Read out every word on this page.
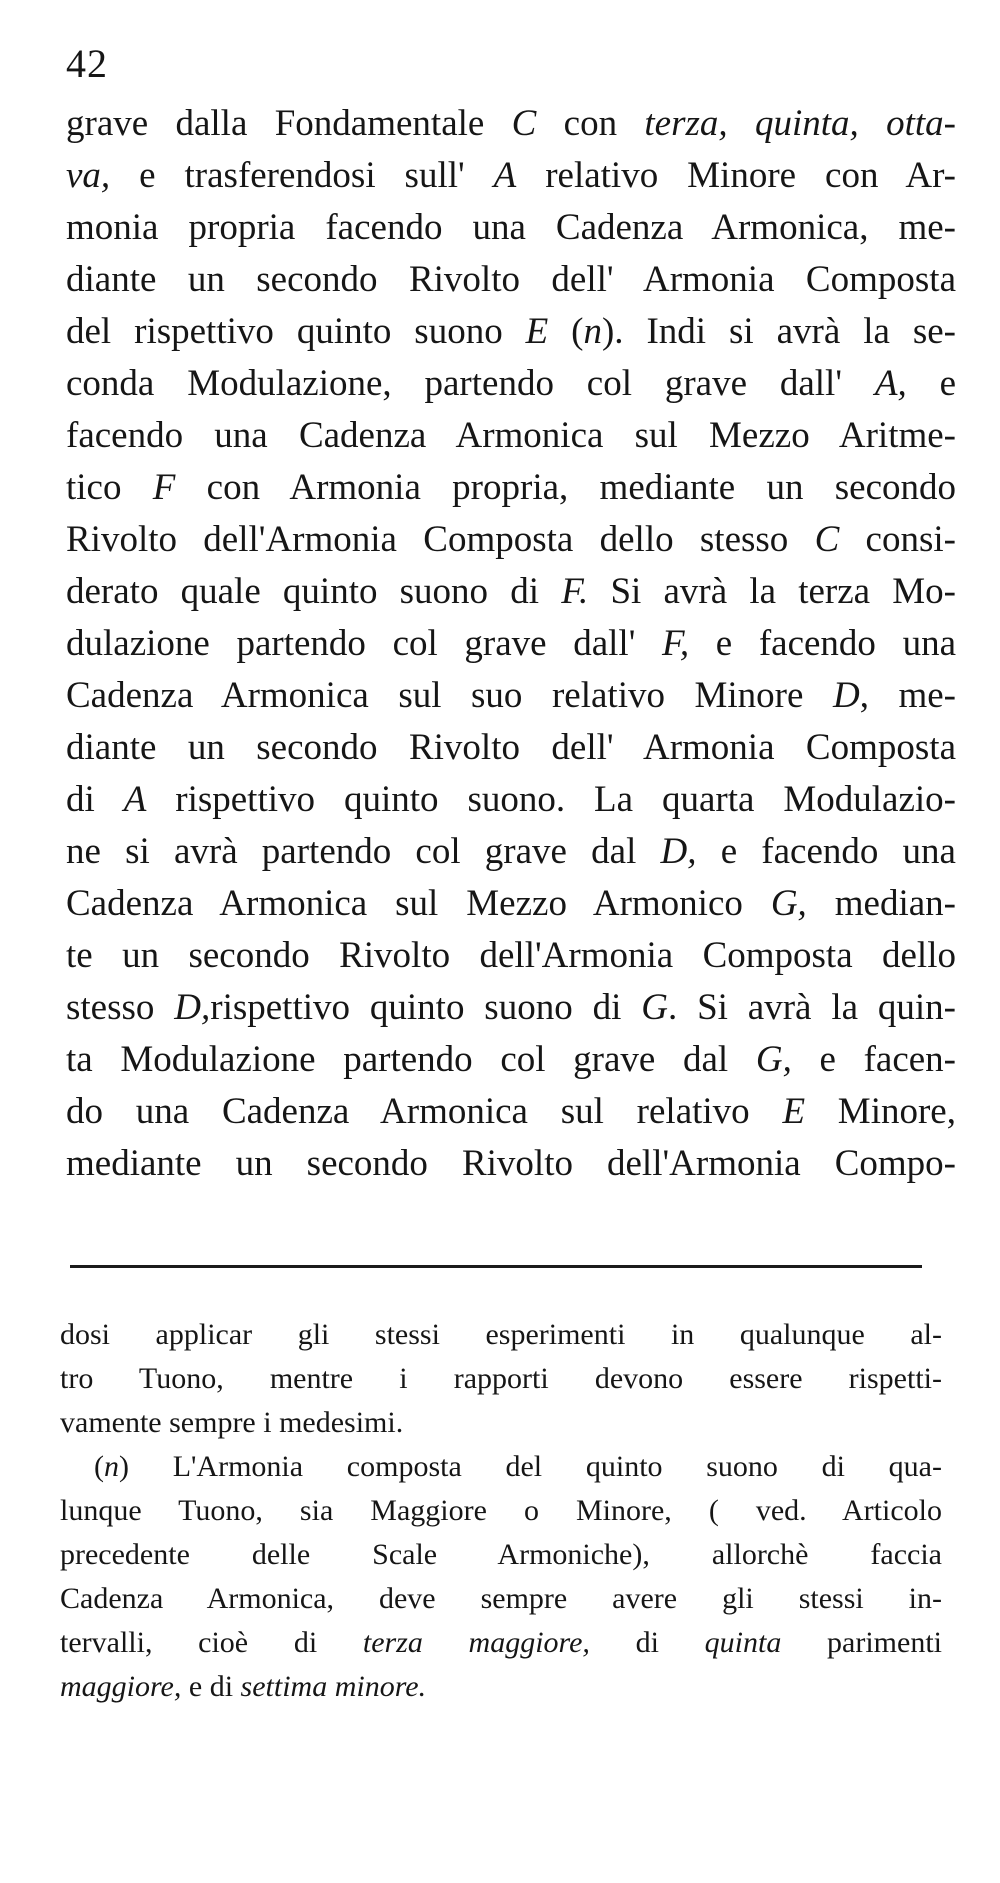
42
grave dalla Fondamentale C con terza, quinta, otta-
va, e trasferendosi sull' A relativo Minore con Ar-
monia propria facendo una Cadenza Armonica, me-
diante un secondo Rivolto dell' Armonia Composta
del rispettivo quinto suono E (n). Indi si avrà la se-
conda Modulazione, partendo col grave dall' A, e
facendo una Cadenza Armonica sul Mezzo Aritme-
tico F con Armonia propria, mediante un secondo
Rivolto dell'Armonia Composta dello stesso C consi-
derato quale quinto suono di F. Si avrà la terza Mo-
dulazione partendo col grave dall' F, e facendo una
Cadenza Armonica sul suo relativo Minore D, me-
diante un secondo Rivolto dell' Armonia Composta
di A rispettivo quinto suono. La quarta Modulazio-
ne si avrà partendo col grave dal D, e facendo una
Cadenza Armonica sul Mezzo Armonico G, median-
te un secondo Rivolto dell'Armonia Composta dello
stesso D,rispettivo quinto suono di G. Si avrà la quin-
ta Modulazione partendo col grave dal G, e facen-
do una Cadenza Armonica sul relativo E Minore,
mediante un secondo Rivolto dell'Armonia Compo-
dosi applicar gli stessi esperimenti in qualunque al-
tro Tuono, mentre i rapporti devono essere rispetti-
vamente sempre i medesimi.
(n) L'Armonia composta del quinto suono di qua-
lunque Tuono, sia Maggiore o Minore, ( ved. Articolo
precedente delle Scale Armoniche), allorchè faccia
Cadenza Armonica, deve sempre avere gli stessi in-
tervalli, cioè di terza maggiore, di quinta parimenti
maggiore, e di settima minore.
